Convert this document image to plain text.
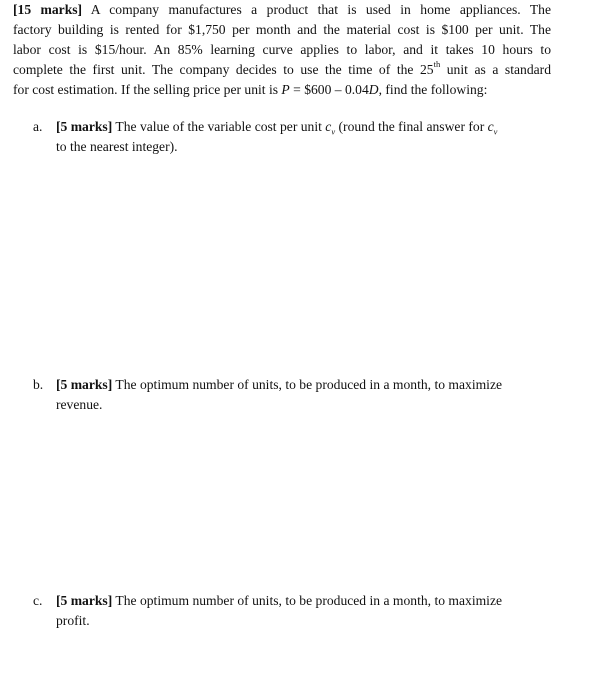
[15 marks] A company manufactures a product that is used in home appliances. The
factory building is rented for $1,750 per month and the material cost is $100 per unit. The
labor cost is $15/hour. An 85% learning curve applies to labor, and it takes 10 hours to
complete the first unit. The company decides to use the time of the 25th unit as a standard
for cost estimation. If the selling price per unit is P = $600 – 0.04D, find the following:
a. [5 marks] The value of the variable cost per unit $c_v$ (round the final answer for $c_v$
to the nearest integer).
b. [5 marks] The optimum number of units, to be produced in a month, to maximize
revenue.
c. [5 marks] The optimum number of units, to be produced in a month, to maximize
profit.
